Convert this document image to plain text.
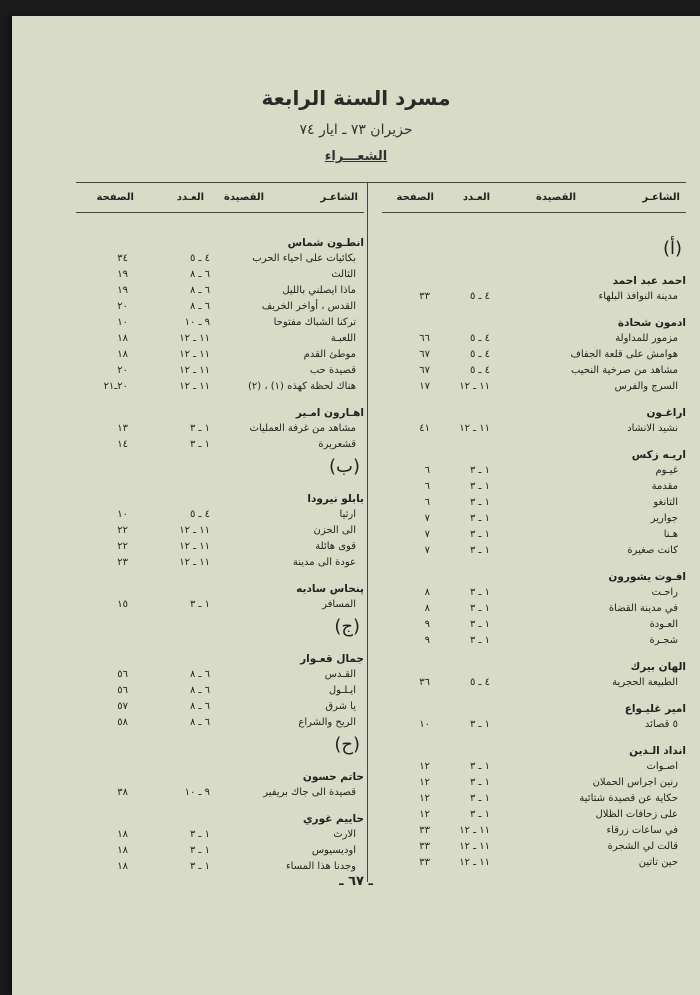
مسرد السنة الرابعة
حزيران ٧٣ ـ ايار ٧٤
الشعـــراء
الشاعـر
القصيدة
العـدد
الصفحة
(أ)
احمد عبد احمد
مدينة النوافذ البلهاء
٤ ـ ٥
٣٣
ادمون شحادة
مزمور للمداولة
٤ ـ ٥
٦٦
هوامش على قلعة الجفاف
٤ ـ ٥
٦٧
مشاهد من صرخية النحيب
٤ ـ ٥
٦٧
السرج والفرس
١١ ـ ١٢
١٧
اراغـون
نشيد الانشاد
١١ ـ ١٢
٤١
اريـه زكس
غيـوم
١ ـ ٣
٦
مقدمة
١ ـ ٣
٦
التانغو
١ ـ ٣
٦
جوارير
١ ـ ٣
٧
هـنا
١ ـ ٣
٧
كانت صغيرة
١ ـ ٣
٧
افـوت يشورون
راحـت
١ ـ ٣
٨
في مدينة القضاة
١ ـ ٣
٨
العـودة
١ ـ ٣
٩
شجـرة
١ ـ ٣
٩
الهان بيرك
الطبيعة الحجرية
٤ ـ ٥
٣٦
امير غليـواع
٥ قصائد
١ ـ ٣
١٠
انداد الـدين
اصـوات
١ ـ ٣
١٢
رنين اجراس الحملان
١ ـ ٣
١٢
حكاية عن قصيدة شتائية
١ ـ ٣
١٢
على زحافات الظلال
١ ـ ٣
١٢
في ساعات زرقاء
١١ ـ ١٢
٣٣
قالت لي الشجرة
١١ ـ ١٢
٣٣
حين تاتين
١١ ـ ١٢
٣٣
الشاعـر
القصيدة
العـدد
الصفحة
انطـون شماس
بكائيات على احياء الحرب
٤ ـ ٥
٣٤
الثالث
٦ ـ ٨
١٩
ماذا ايصلني بالليل
٦ ـ ٨
١٩
القدس ، أواخر الخريف
٦ ـ ٨
٢٠
تركنا الشباك مفتوحا
٩ ـ ١٠
١٠
اللعبـة
١١ ـ ١٢
١٨
موطئ القدم
١١ ـ ١٢
١٨
قصيدة حب
١١ ـ ١٢
٢٠
هناك لحظة كهذه (١) ، (٢)
١١ ـ ١٢
٢٠ـ٢١
اهـارون امـير
مشاهد من غرفة العمليات
١ ـ ٣
١٣
قشعريرة
١ ـ ٣
١٤
(ب)
بابلو نيرودا
ارثيا
٤ ـ ٥
١٠
الى الحزن
١١ ـ ١٢
٢٢
قوى هائلة
١١ ـ ١٢
٢٢
عودة الى مدينة
١١ ـ ١٢
٢٣
پنحاس ساديه
المسافر
١ ـ ٣
١٥
(ج)
جمال قعـوار
القـدس
٦ ـ ٨
٥٦
ايـلـول
٦ ـ ٨
٥٦
يا شرق
٦ ـ ٨
٥٧
الريح والشراع
٦ ـ ٨
٥٨
(ح)
حاتم حسون
قصيدة الى جاك بريفير
٩ ـ ١٠
٣٨
حاييم غوري
الارث
١ ـ ٣
١٨
اوديسيوس
١ ـ ٣
١٨
وجدنا هذا المساء
١ ـ ٣
١٨
ـ ٦٧ ـ
